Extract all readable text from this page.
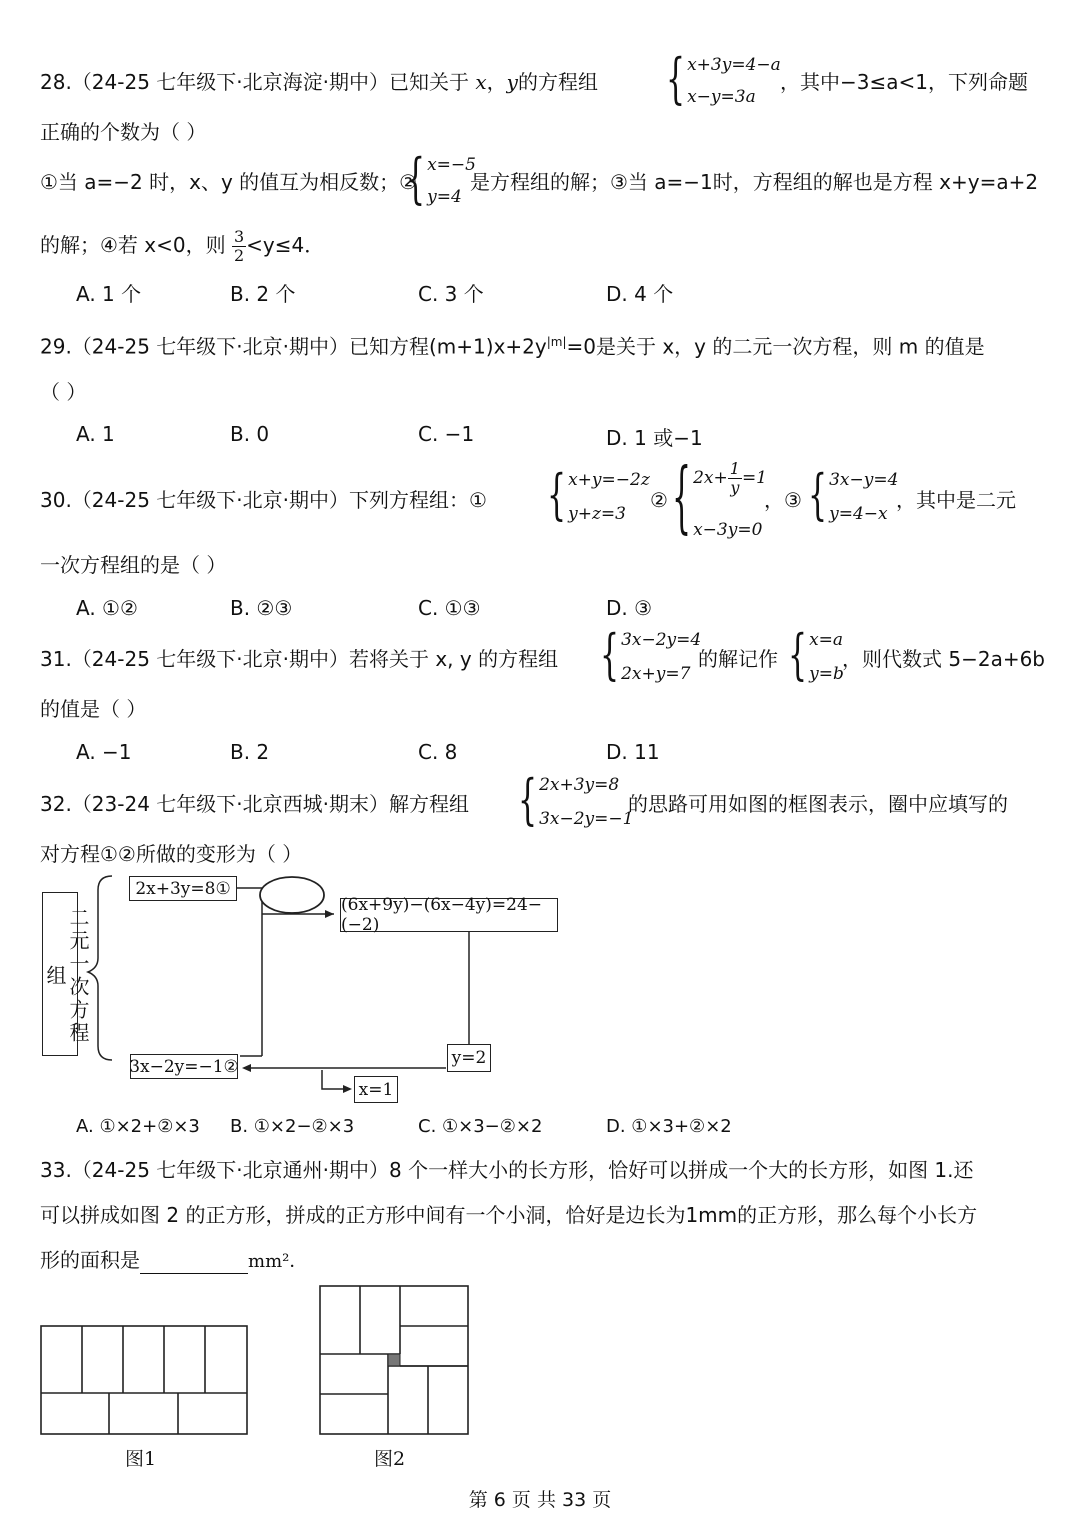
28.（24-25 七年级下·北京海淀·期中）已知关于 x，y的方程组 { x+3y=4−a
x−y=3a
，其中−3≤a<1，下列命题
正确的个数为（ ）
①当 a=−2 时，x、y 的值互为相反数；②
{ x=−5
y=4
是方程组的解；③当 a=−1时，方程组的解也是方程 x+y=a+2
的解；④若 x<0，则 $\frac{3}{2} <y\le 4$．
A. 1 个	B. 2 个	C. 3 个	D. 4 个
29.（24-25 七年级下·北京·期中）已知方程$(m+1)x+2y^{|m|}=0$是关于 x，y 的二元一次方程，则 m 的值是
（ ）
A. 1	B. 0	C. −1	D. 1 或−1
30.（24-25 七年级下·北京·期中）下列方程组：① { x+y=−2z
y+z=3
② { $2x+ \frac{1}{y} =1$
x−3y=0
，③ { 3x−y=4
y=4−x
，其中是二元
一次方程组的是（ ）
A. ①②	B. ②③	C. ①③	D. ③
31.（24-25 七年级下·北京·期中）若将关于 x, y 的方程组 { 3x−2y=4
2x+y=7
的解记作 { x=a
y=b
，则代数式 5−2a+6b
的值是（ ）
A. −1	B. 2	C. 8	D. 11
32.（23-24 七年级下·北京西城·期末）解方程组 { 2x+3y=8
3x−2y=−1
的思路可用如图的框图表示，圈中应填写的
对方程①②所做的变形为（ ）
二元一次方程组
2x+3y=8①
3x−2y=−1②
(6x+9y)−(6x−4y)=24−(−2)
y=2
x=1
A. ①×2+②×3 B. ①×2−②×3	C. ①×3−②×2	D. ①×3+②×2
33.（24-25 七年级下·北京通州·期中）8 个一样大小的长方形，恰好可以拼成一个大的长方形，如图 1.还
可以拼成如图 2 的正方形，拼成的正方形中间有一个小洞，恰好是边长为1mm的正方形，那么每个小长方
形的面积是	mm²．
图1	图2
第 6 页 共 33 页
